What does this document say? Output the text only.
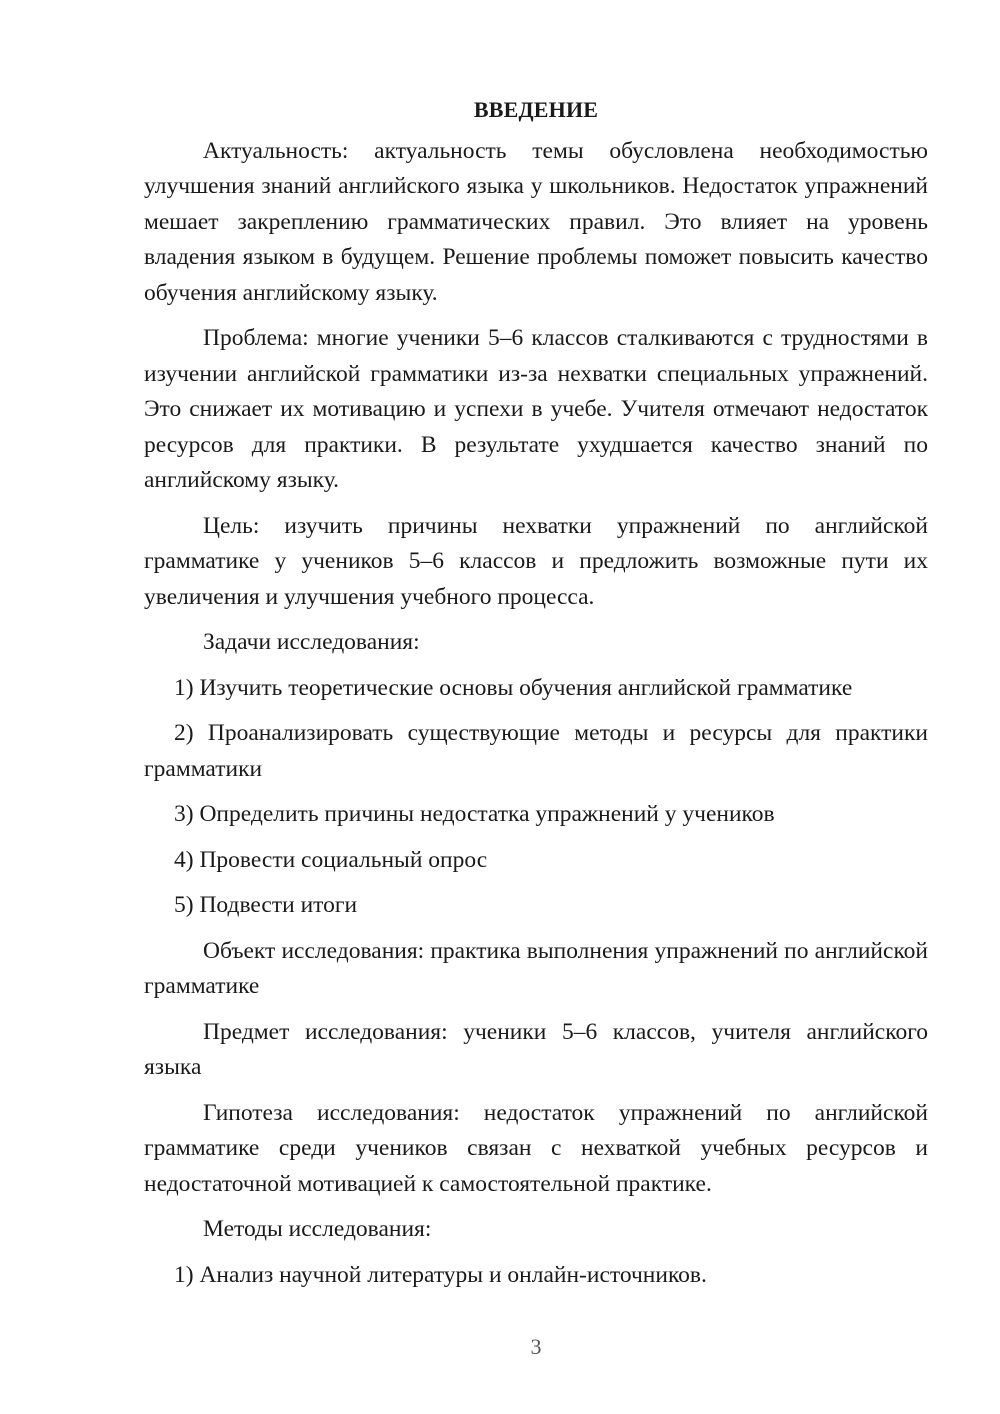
ВВЕДЕНИЕ

Актуальность: актуальность темы обусловлена необходимостью улучшения знаний английского языка у школьников. Недостаток упражнений мешает закреплению грамматических правил. Это влияет на уровень владения языком в будущем. Решение проблемы поможет повысить качество обучения английскому языку.

Проблема: многие ученики 5–6 классов сталкиваются с трудностями в изучении английской грамматики из-за нехватки специальных упражнений. Это снижает их мотивацию и успехи в учебе. Учителя отмечают недостаток ресурсов для практики. В результате ухудшается качество знаний по английскому языку.

Цель: изучить причины нехватки упражнений по английской грамматике у учеников 5–6 классов и предложить возможные пути их увеличения и улучшения учебного процесса.

Задачи исследования:

1) Изучить теоретические основы обучения английской грамматике

2) Проанализировать существующие методы и ресурсы для практики грамматики

3) Определить причины недостатка упражнений у учеников

4) Провести социальный опрос

5) Подвести итоги

Объект исследования: практика выполнения упражнений по английской грамматике

Предмет исследования: ученики 5–6 классов, учителя английского языка

Гипотеза исследования: недостаток упражнений по английской грамматике среди учеников связан с нехваткой учебных ресурсов и недостаточной мотивацией к самостоятельной практике.

Методы исследования:

1) Анализ научной литературы и онлайн-источников.

3
